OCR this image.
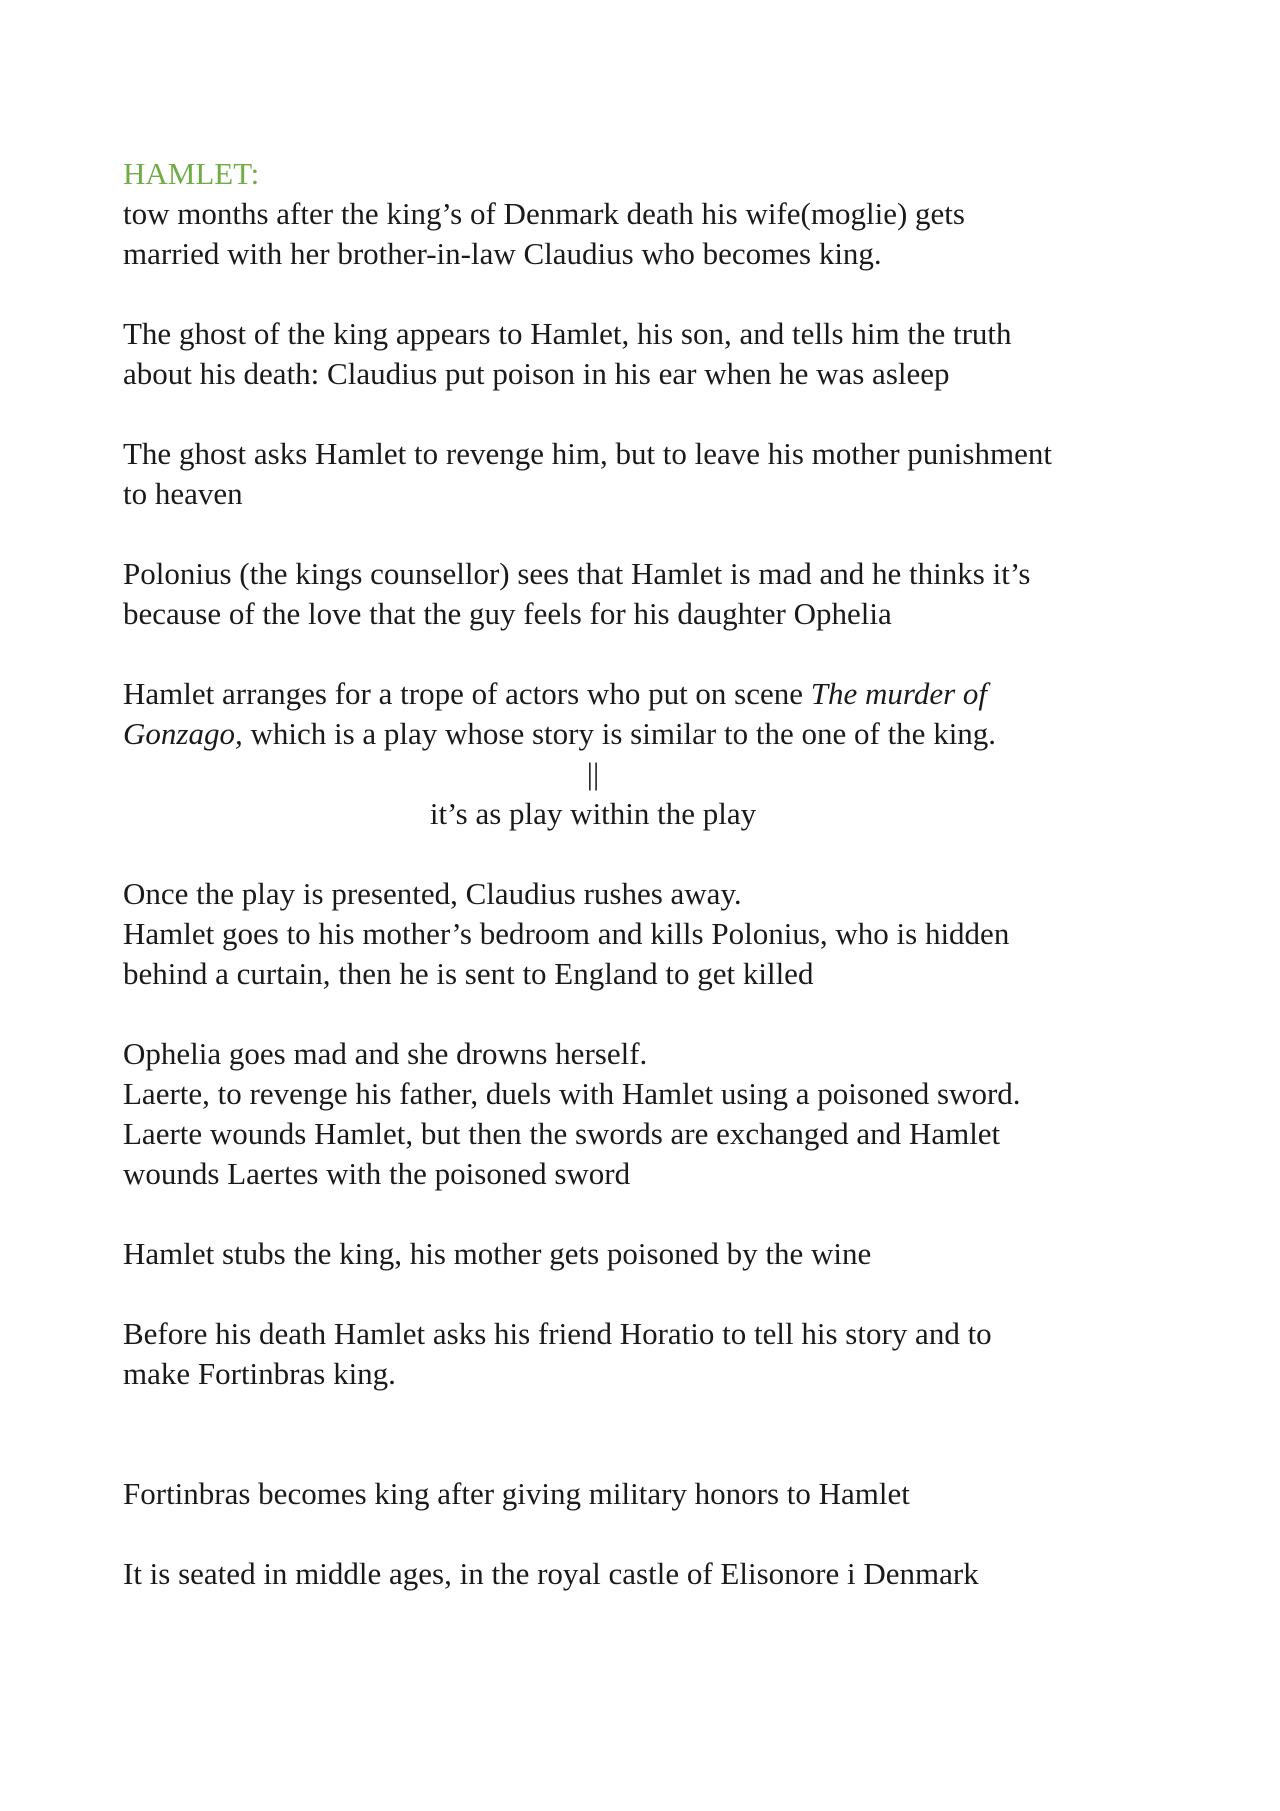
HAMLET:
tow months after the king’s of Denmark death his wife(moglie) gets
married with her brother-in-law Claudius who becomes king.
The ghost of the king appears to Hamlet, his son, and tells him the truth
about his death: Claudius put poison in his ear when he was asleep
The ghost asks Hamlet to revenge him, but to leave his mother punishment
to heaven
Polonius (the kings counsellor) sees that Hamlet is mad and he thinks it’s
because of the love that the guy feels for his daughter Ophelia
Hamlet arranges for a trope of actors who put on scene The murder of
Gonzago, which is a play whose story is similar to the one of the king.
||
it’s as play within the play
Once the play is presented, Claudius rushes away.
Hamlet goes to his mother’s bedroom and kills Polonius, who is hidden
behind a curtain, then he is sent to England to get killed
Ophelia goes mad and she drowns herself.
Laerte, to revenge his father, duels with Hamlet using a poisoned sword.
Laerte wounds Hamlet, but then the swords are exchanged and Hamlet
wounds Laertes with the poisoned sword
Hamlet stubs the king, his mother gets poisoned by the wine
Before his death Hamlet asks his friend Horatio to tell his story and to
make Fortinbras king.
Fortinbras becomes king after giving military honors to Hamlet
It is seated in middle ages, in the royal castle of Elisonore i Denmark
